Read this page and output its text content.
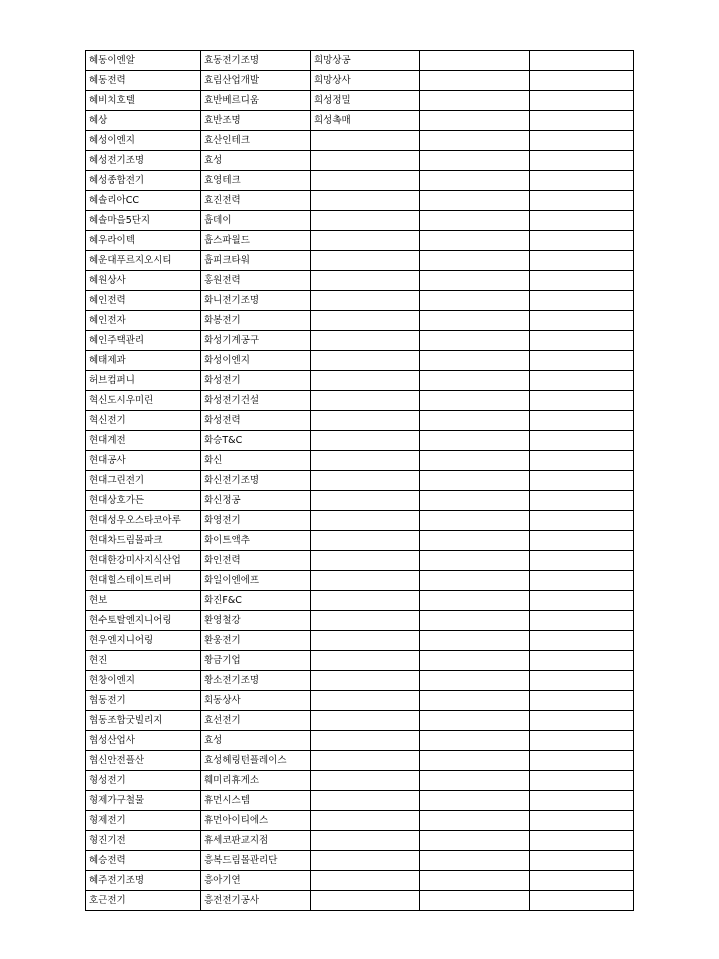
혜동이엔알	효동전기조명	희망상공		
혜동전력	효림산업개발	희망상사		
혜비치호텔	효반베르디움	희성정밀		
혜상	효반조명	희성촉매		
혜성이엔지	효산인테크			
혜성전기조명	효성			
혜성종합전기	효영테크			
혜솔리아CC	효진전력			
혜솔마을5단지	훕데이			
혜우라이텍	훕스파월드			
혜운대푸르지오시티	훕피크타워			
혜원상사	홍원전력			
혜인전력	화니전기조명			
혜인전자	화봉전기			
혜인주택관리	화성기계공구			
혜태제과	화성이엔지			
허브컴퍼니	화성전기			
혁신도시우미린	화성전기건설			
혁신전기	화성전력			
현대계전	화승T&C			
현대공사	화신			
현대그린전기	화신전기조명			
현대상호가든	화신정공			
현대성우오스타코아루	화영전기			
현대차드림몰파크	화이트액추			
현대한강미사지식산업	화인전력			
현대힐스테이트리버	화일이엔에프			
현보	화진F&C			
현수토탈엔지니어링	환영철강			
현우엔지니어링	환웅전기			
현진	황금기업			
현창이엔지	황소전기조명			
협동전기	회동상사			
협동조합굿빌리지	효선전기			
협성산업사	효성			
협신안전플산	효성헤링턴플레이스			
형성전기	훼미리휴게소			
형제가구철물	휴먼시스템			
형제전기	휴먼아이티에스			
형진기전	휴세코판교지점			
혜승전력	흥복드림몰관리단			
혜주전기조명	흥아기연			
호근전기	흥전전기공사			
